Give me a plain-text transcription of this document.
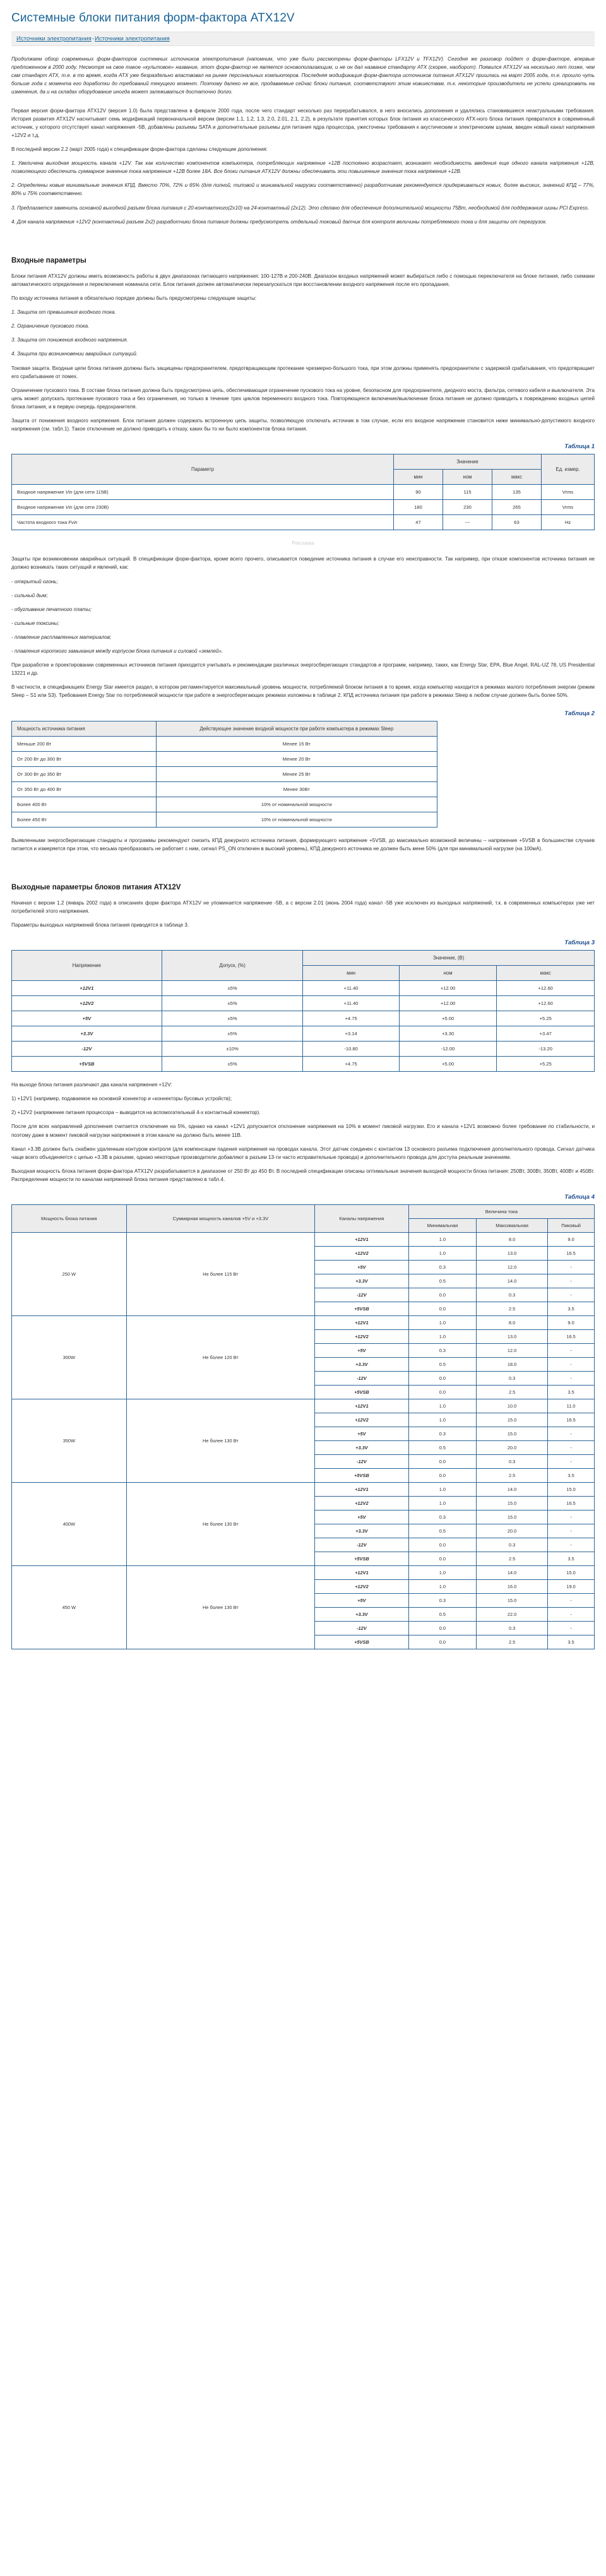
Системные блоки питания форм-фактора ATX12V
Источники электропитания-Источники электропитания

Продолжаем обзор современных форм-факторов системных источников электропитания (напомним, что уже были рассмотрены форм-факторы LFX12V и TFX12V). Сегодня же разговор пойдет о форм-факторе, впервые предложенном в 2000 году. Несмотря на свое такое «культовое» название, этот форм-фактор не является основополагающим, и не он дал название стандарту ATX (скорее, наоборот). Появился ATX12V на несколько лет позже, чем сам стандарт ATX, т.е. в то время, когда ATX уже безраздельно властвовал на рынке персональных компьютеров. Последняя модификация форм-фактора источников питания ATX12V пришлась на март 2005 года, т.е. прошло чуть больше года с момента его доработки до требований текущего момент. Поэтому далеко не все, продаваемые сейчас блоки питания, соответствуют этим новшествам, т.к. некоторые производители не успели среагировать на изменения, да и на складах оборудование иногда может залеживаться достаточно долго.

Первая версия форм-фактора ATX12V (версия 1.0) была представлена в феврале 2000 года, после чего стандарт несколько раз перерабатывался, в него вносились дополнения и удалялись становившиеся неактуальными требования. История развития ATX12V насчитывает семь модификаций первоначальной версии (версии 1.1, 1.2, 1.3, 2.0, 2.01, 2.1, 2.2), в результате принятия которых блок питания из классического ATX-ного блока питания превратился в современный источник, у которого отсутствует канал напряжения -5В, добавлены разъемы SATA и дополнительные разъемы для питания ядра процессора, ужесточены требования к акустическим и электрическим шумам, введен новый канал напряжения +12V2 и т.д.

В последней версии 2.2 (март 2005 года) к спецификации форм-фактора сделаны следующие дополнения:

1. Увеличена выходная мощность канала +12V. Так как количество компонентов компьютера, потребляющих напряжение +12В постоянно возрастает, возникает необходимость введения еще одного канала напряжения +12В, позволяющего обеспечить суммарное значение тока напряжения +12В более 18А. Все блоки питания ATX12V должны обеспечивать эти повышенные значения тока напряжения +12В.

2. Определены новые минимальные значения КПД. Вместо 70%, 72% и 65% (для полной, типовой и минимальной нагрузки соответственно) разработчикам рекомендуется придерживаться новых, более высоких, значений КПД – 77%, 80% и 75% соответственно.

3. Предлагается заменить основной выходной разъем блока питания с 20-контактного(2х10) на 24-контактный (2х12). Это сделано для обеспечения дополнительной мощности 75Вт, необходимой для поддержания шины PCI Express.

4. Для канала напряжения +12V2 (контактный разъем 2х2) разработчики блока питания должны предусмотреть отдельный токовый датчик для контроля величины потребляемого тока и для защиты от перегрузок.

Входные параметры

Блоки питания ATX12V должны иметь возможность работы в двух диапазонах питающего напряжения: 100-127В и 200-240В. Диапазон входных напряжений может выбираться либо с помощью переключателя на блоке питания, либо схемами автоматического определения и переключения номинала сети. Блок питания должен автоматически перезапускаться при восстановлении входного напряжения после его пропадания.

По входу источника питания в обязательно порядке должны быть предусмотрены следующие защиты:

1. Защита от превышения входного тока.

2. Ограничение пускового тока.

3. Защита от понижения входного напряжения.

4. Защита при возникновении аварийных ситуаций.

Токовая защита. Входные цепи блока питания должны быть защищены предохранителем, предотвращающим протекание чрезмерно-большого тока, при этом должны применять предохранители с задержкой срабатывания, что предотвращает его срабатывание от помех.

Ограничение пускового тока. В составе блока питания должна быть предусмотрена цепь, обеспечивающая ограничение пускового тока на уровне, безопасном для предохранителя, диодного моста, фильтра, сетевого кабеля и выключателя. Эта цепь может допускать протекание пускового тока и без ограничения, но только в течение трех циклов переменного входного тока. Повторяющееся включение/выключение блока питания не должно приводить к повреждению входных цепей блока питания, и в первую очередь предохранителя.

Защита от понижения входного напряжения. Блок питания должен содержать встроенную цепь защиты, позволяющую отключать источник в том случае, если его входное напряжение становится ниже минимально-допустимого входного напряжения (см. табл.1). Такое отключение не должно приводить к отказу, каких бы то ни было компонентов блока питания.

Таблица 1
Параметр	Значение			Ед. измер.
	мин	ном	макс	
Входное напряжение Vin (для сети 115В)	90	115	135	Vrms
Входное напряжение Vin (для сети 230В)	180	230	265	Vrms
Частота входного тока Fvin	47	---	63	Hz
Реклама

Защиты при возникновении аварийных ситуаций. В спецификации форм-фактора, кроме всего прочего, описывается поведение источника питания в случае его неисправности. Так например, при отказе компонентов источника питания не должно возникать таких ситуаций и явлений, как:

- открытый огонь;

- сильный дым;

- обугливание печатного платы;

- сильные токсины;

- плавление расплавленных материалов;

- плавления короткого замыкания между корпусом блока питания и силовой «землей».

При разработке и проектировании современных источников питания приходится учитывать и рекомендации различных энергосберегающих стандартов и программ, например, таких, как Energy Star, EPA, Blue Angel, RAL-UZ 78, US Presidential 13221 и др.

В частности, в спецификациях Energy Star имеется раздел, в котором регламентируется максимальный уровень мощности, потребляемой блоком питания в то время, когда компьютер находится в режимах малого потребления энергии (режим Sleep – S1 или S3). Требования Energy Star по потребляемой мощности при работе в энергосберегающих режимах изложены в таблице 2. КПД источника питания при работе в режимах Sleep в любом случае должен быть более 50%.

Таблица 2
Мощность источника питания	Действующее значение входной мощности при работе компьютера в режимах Sleep
Меньше 200 Вт	Менее 15 Вт
От 200 Вт до 300 Вт	Менее 20 Вт
От 300 Вт до 350 Вт	Менее 25 Вт
От 350 Вт до 400 Вт	Менее 30Вт
Более 400 Вт	10% от номинальной мощности
Более 450 Вт	10% от номинальной мощности

Выявленными энергосберегающие стандарты и программы рекомендуют снизить КПД дежурного источника питания, формирующего напряжение +5VSB, до максимально возможной величины – напряжение +5VSB в большинстве случаев питается и измеряется при этом, что весьма преобразовать не работает с ним, сигнал PS_ON отключен в высокий уровень), КПД дежурного источника не должен быть мене 50% (для при минимальной нагрузке (на 100мА).

Выходные параметры блоков питания ATX12V

Начиная с версии 1.2 (январь 2002 года) в описаниях форм фактора ATX12V не упоминается напряжение -5В, а с версии 2.01 (июнь 2004 года) канал -5В уже исключен из выходных напряжений, т.к. в современных компьютерах уже нет потребителей этого напряжения.

Параметры выходных напряжений блока питания приводятся в таблице 3.

Таблица 3
Напряжение	Допуск, (%)	Значение, (В)		
		мин	ном	макс
+12V1	±5%	+11.40	+12.00	+12.60
+12V2	±5%	+11.40	+12.00	+12.60
+5V	±5%	+4.75	+5.00	+5.25
+3.3V	±5%	+3.14	+3.30	+3.47
-12V	±10%	-10.80	-12.00	-13.20
+5VSB	±5%	+4.75	+5.00	+5.25

На выходе блока питания различают два канала напряжения +12V:

1) +12V1 (например, подаваемое на основной коннектор и «коннекторы бусовых устройств);

2) +12V2 (напряжение питания процессора – выводится на вспомогательный 4-х контактный коннектор).

После для всех направлений дополнения считается отключение на 5%, однако на канал +12V1 допускается отклонение напряжения на 10% в момент пиковой нагрузки. Его и канала +12V1 возможно более требование по стабильности, и поэтому даже в момент пиковой нагрузки напряжения в этом канале на должно быть менее 11В.

Канал +3.3В должен быть снабжен удаленным контуром контроля (для компенсации падения напряжения на проводах канала. Этот датчик соединен с контактом 13 основного разъема подключения дополнительного провода. Сигнал датчика чаще всего объединяется с цепью +3.3В в разъеме, однако некоторые производители добавляют в разъем 13-ти часто исправительные провода) и дополнительного провода для доступа реальным значениям.

Выходная мощность блока питания форм-фактора ATX12V разрабатывается в диапазоне от 250 Вт до 450 Вт. В последней спецификации описаны оптимальные значения выходной мощности блока питания: 250Вт, 300Вт, 350Вт, 400Вт и 450Вт. Распределение мощности по каналам напряжений блока питания представлено в табл.4.

Таблица 4
Мощность блока питания	Суммарная мощность каналов +5V и +3.3V	Каналы напряжения	Величина тока		
			Минимальная	Максимальная	Пиковый
250 W	Не более 115 Вт	+12V1	1.0	8.0	9.0
		+12V2	1.0	13.0	16.5
		+5V	0.3	12.0	-
		+3.3V	0.5	14.0	-
		-12V	0.0	0.3	-
		+5VSB	0.0	2.5	3.5
300W	Не более 120 Вт	+12V1	1.0	8.0	9.0
		+12V2	1.0	13.0	16.5
		+5V	0.3	12.0	-
		+3.3V	0.5	18.0	-
		-12V	0.0	0.3	-
		+5VSB	0.0	2.5	3.5
350W	Не более 130 Вт	+12V1	1.0	10.0	11.0
		+12V2	1.0	15.0	16.5
		+5V	0.3	15.0	-
		+3.3V	0.5	20.0	-
		-12V	0.0	0.3	-
		+5VSB	0.0	2.5	3.5
400W	Не более 130 Вт	+12V1	1.0	14.0	15.0
		+12V2	1.0	15.0	16.5
		+5V	0.3	15.0	-
		+3.3V	0.5	20.0	-
		-12V	0.0	0.3	-
		+5VSB	0.0	2.5	3.5
450 W	Не более 130 Вт	+12V1	1.0	14.0	15.0
		+12V2	1.0	16.0	19.0
		+5V	0.3	15.0	-
		+3.3V	0.5	22.0	-
		-12V	0.0	0.3	-
		+5VSB	0.0	2.5	3.5
